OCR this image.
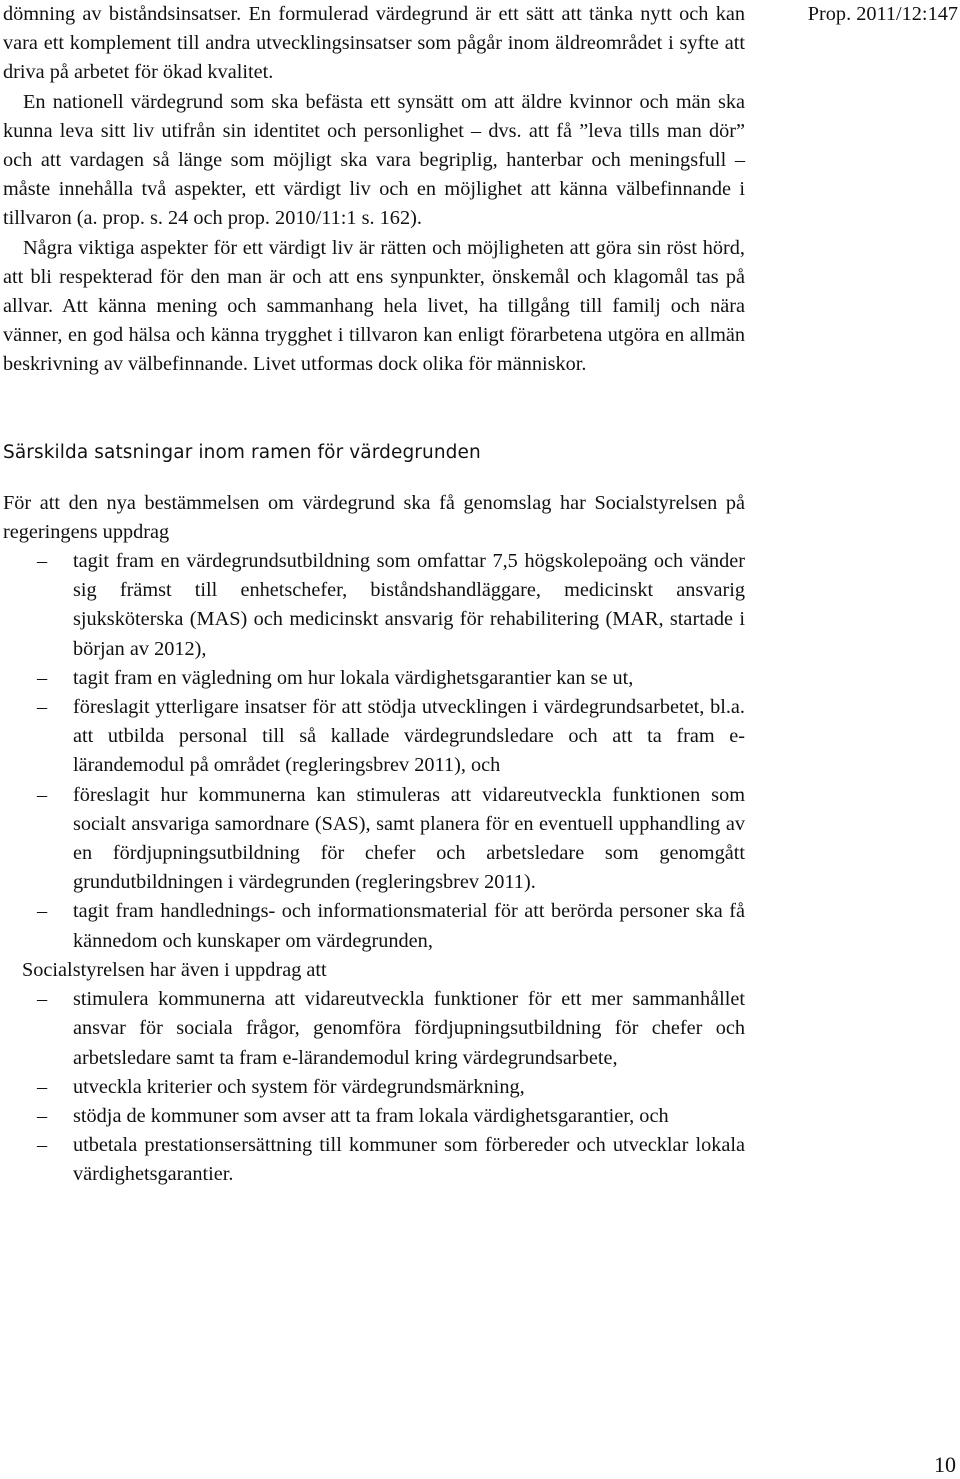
Prop. 2011/12:147

dömning av biståndsinsatser. En formulerad värdegrund är ett sätt att tänka nytt och kan vara ett komplement till andra utvecklingsinsatser som pågår inom äldreområdet i syfte att driva på arbetet för ökad kvalitet.

En nationell värdegrund som ska befästa ett synsätt om att äldre kvinnor och män ska kunna leva sitt liv utifrån sin identitet och personlighet – dvs. att få ”leva tills man dör” och att vardagen så länge som möjligt ska vara begriplig, hanterbar och meningsfull – måste innehålla två aspekter, ett värdigt liv och en möjlighet att känna välbefinnande i tillvaron (a. prop. s. 24 och prop. 2010/11:1 s. 162).

Några viktiga aspekter för ett värdigt liv är rätten och möjligheten att göra sin röst hörd, att bli respekterad för den man är och att ens synpunkter, önskemål och klagomål tas på allvar. Att känna mening och sammanhang hela livet, ha tillgång till familj och nära vänner, en god hälsa och känna trygghet i tillvaron kan enligt förarbetena utgöra en allmän beskrivning av välbefinnande. Livet utformas dock olika för människor.

Särskilda satsningar inom ramen för värdegrunden

För att den nya bestämmelsen om värdegrund ska få genomslag har Socialstyrelsen på regeringens uppdrag

– tagit fram en värdegrundsutbildning som omfattar 7,5 högskolepoäng och vänder sig främst till enhetschefer, biståndshandläggare, medicinskt ansvarig sjuksköterska (MAS) och medicinskt ansvarig för rehabilitering (MAR, startade i början av 2012),
– tagit fram en vägledning om hur lokala värdighetsgarantier kan se ut,
– föreslagit ytterligare insatser för att stödja utvecklingen i värdegrundsarbetet, bl.a. att utbilda personal till så kallade värdegrundsledare och att ta fram e-lärandemodul på området (regleringsbrev 2011), och
– föreslagit hur kommunerna kan stimuleras att vidareutveckla funktionen som socialt ansvariga samordnare (SAS), samt planera för en eventuell upphandling av en fördjupningsutbildning för chefer och arbetsledare som genomgått grundutbildningen i värdegrunden (regleringsbrev 2011).
– tagit fram handlednings- och informationsmaterial för att berörda personer ska få kännedom och kunskaper om värdegrunden,

Socialstyrelsen har även i uppdrag att

– stimulera kommunerna att vidareutveckla funktioner för ett mer sammanhållet ansvar för sociala frågor, genomföra fördjupningsutbildning för chefer och arbetsledare samt ta fram e-lärandemodul kring värdegrundsarbete,
– utveckla kriterier och system för värdegrundsmärkning,
– stödja de kommuner som avser att ta fram lokala värdighetsgarantier, och
– utbetala prestationsersättning till kommuner som förbereder och utvecklar lokala värdighetsgarantier.
10
